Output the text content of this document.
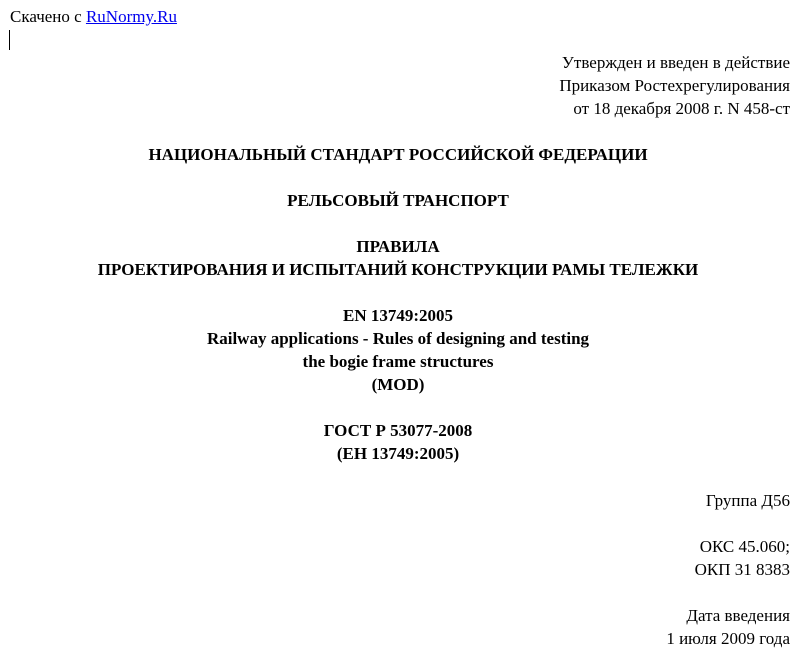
Скачено с RuNormy.Ru
Утвержден и введен в действие
Приказом Ростехрегулирования
от 18 декабря 2008 г. N 458-ст
НАЦИОНАЛЬНЫЙ СТАНДАРТ РОССИЙСКОЙ ФЕДЕРАЦИИ
РЕЛЬСОВЫЙ ТРАНСПОРТ
ПРАВИЛА
ПРОЕКТИРОВАНИЯ И ИСПЫТАНИЙ КОНСТРУКЦИИ РАМЫ ТЕЛЕЖКИ
EN 13749:2005
Railway applications - Rules of designing and testing
the bogie frame structures
(MOD)
ГОСТ Р 53077-2008
(ЕН 13749:2005)
Группа Д56
ОКС 45.060;
ОКП 31 8383
Дата введения
1 июля 2009 года
